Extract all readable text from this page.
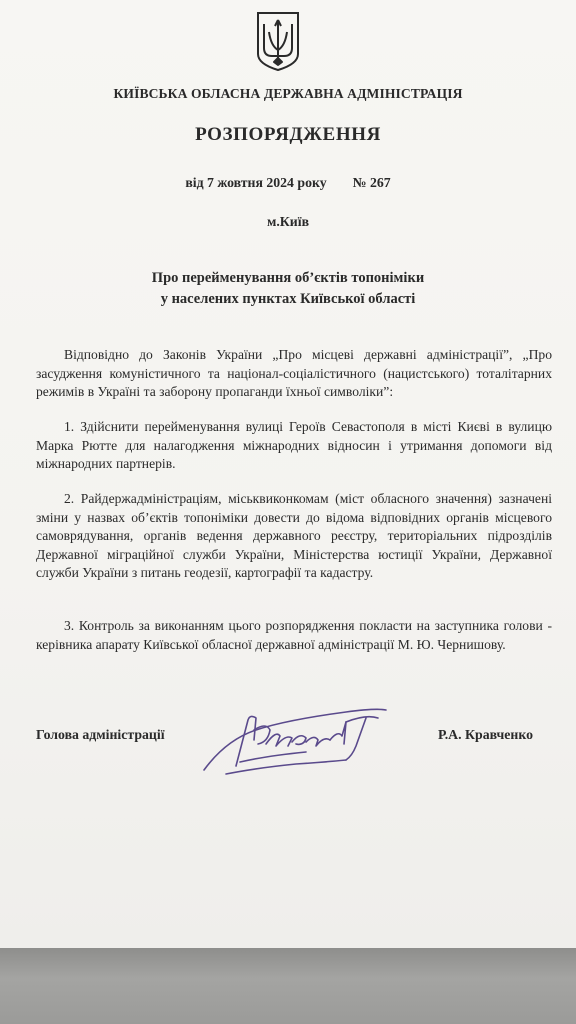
КИЇВСЬКА ОБЛАСНА ДЕРЖАВНА АДМІНІСТРАЦІЯ
РОЗПОРЯДЖЕННЯ
від 7 жовтня 2024 року № 267
м.Київ
Про перейменування об’єктів топоніміки
у населених пунктах Київської області
Відповідно до Законів України „Про місцеві державні адміністрації”, „Про засудження комуністичного та націонал-соціалістичного (нацистського) тоталітарних режимів в Україні та заборону пропаганди їхньої символіки”:
1. Здійснити перейменування вулиці Героїв Севастополя в місті Києві в вулицю Марка Рютте для налагодження міжнародних відносин і утримання допомоги від міжнародних партнерів.
2. Райдержадміністраціям, міськвиконкомам (міст обласного значення) зазначені зміни у назвах об’єктів топоніміки довести до відома відповідних органів місцевого самоврядування, органів ведення державного реєстру, територіальних підрозділів Державної міграційної служби України, Міністерства юстиції України, Державної служби України з питань геодезії, картографії та кадастру.
3. Контроль за виконанням цього розпорядження покласти на заступника голови - керівника апарату Київської обласної державної адміністрації М. Ю. Чернишову.
Голова адміністрації	Р.А. Кравченко
